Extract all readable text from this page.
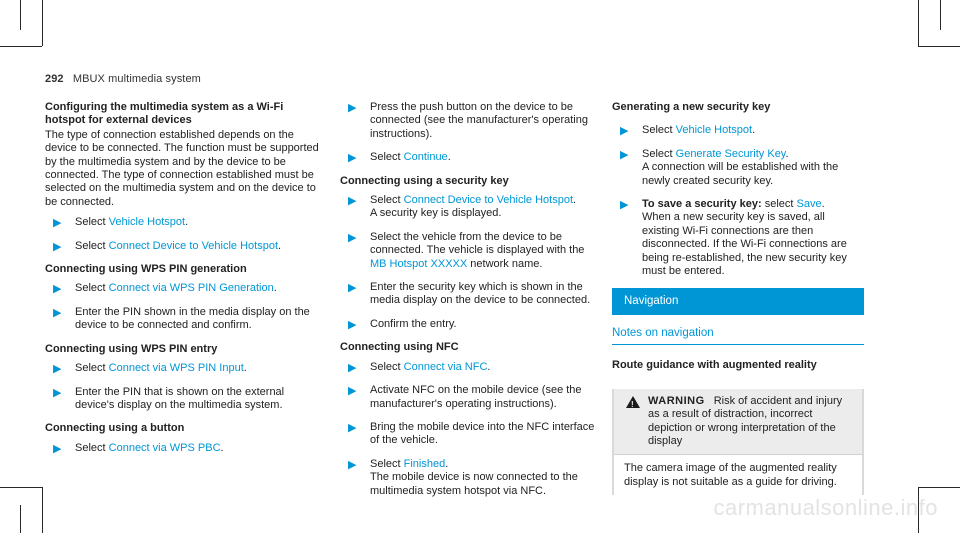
292 MBUX multimedia system
Configuring the multimedia system as a Wi-Fi hotspot for external devices
The type of connection established depends on the device to be connected. The function must be supported by the multimedia system and by the device to be connected. The type of connection established must be selected on the multimedia system and on the device to be connected.
▶ Select Vehicle Hotspot.
▶ Select Connect Device to Vehicle Hotspot.
Connecting using WPS PIN generation
▶ Select Connect via WPS PIN Generation.
▶ Enter the PIN shown in the media display on the device to be connected and confirm.
Connecting using WPS PIN entry
▶ Select Connect via WPS PIN Input.
▶ Enter the PIN that is shown on the external device's display on the multimedia system.
Connecting using a button
▶ Select Connect via WPS PBC.
▶ Press the push button on the device to be connected (see the manufacturer's operating instructions).
▶ Select Continue.
Connecting using a security key
▶ Select Connect Device to Vehicle Hotspot.
A security key is displayed.
▶ Select the vehicle from the device to be connected. The vehicle is displayed with the MB Hotspot XXXXX network name.
▶ Enter the security key which is shown in the media display on the device to be connected.
▶ Confirm the entry.
Connecting using NFC
▶ Select Connect via NFC.
▶ Activate NFC on the mobile device (see the manufacturer's operating instructions).
▶ Bring the mobile device into the NFC interface of the vehicle.
▶ Select Finished.
The mobile device is now connected to the multimedia system hotspot via NFC.
Generating a new security key
▶ Select Vehicle Hotspot.
▶ Select Generate Security Key.
A connection will be established with the newly created security key.
▶ To save a security key: select Save.
When a new security key is saved, all existing Wi-Fi connections are then disconnected. If the Wi-Fi connections are being re-established, the new security key must be entered.
Navigation
Notes on navigation
Route guidance with augmented reality
!
WARNING Risk of accident and injury as a result of distraction, incorrect depiction or wrong interpretation of the display
The camera image of the augmented reality display is not suitable as a guide for driving.
carmanualsonline.info
